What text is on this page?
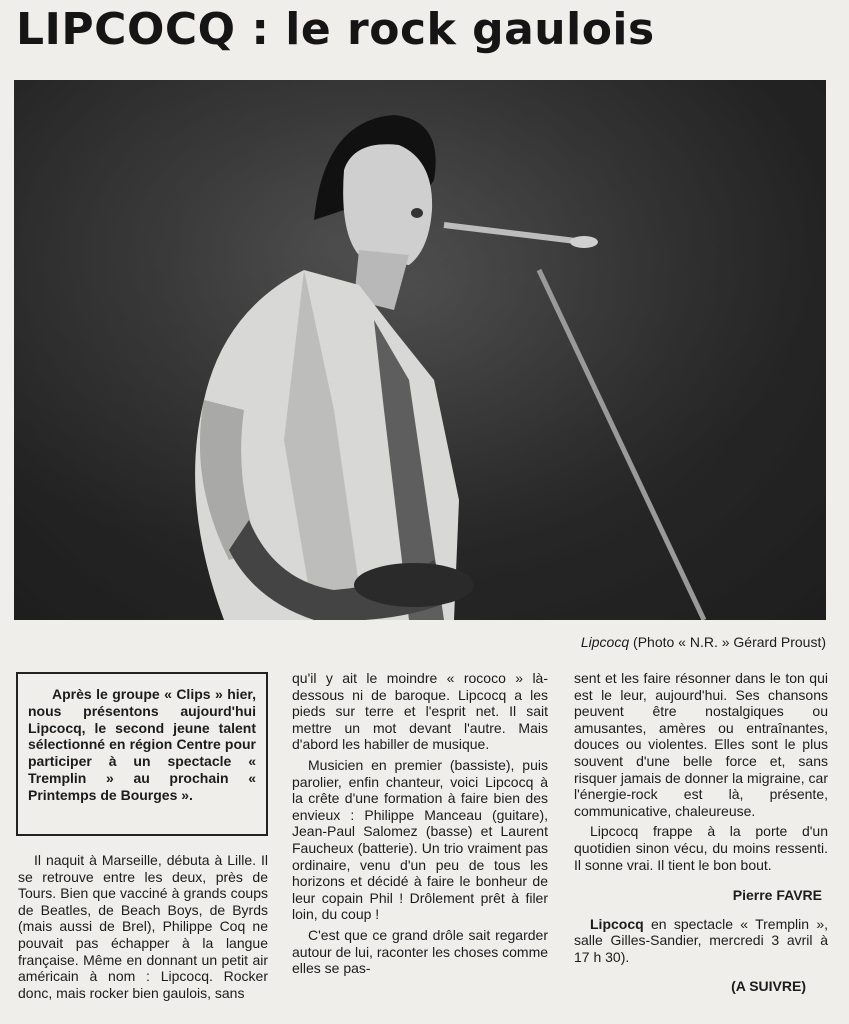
LIPCOCQ : le rock gaulois
Lipcocq (Photo « N.R. » Gérard Proust)

Après le groupe « Clips » hier, nous présentons aujourd'hui Lipcocq, le second jeune talent sélectionné en région Centre pour participer à un spectacle « Tremplin » au prochain « Printemps de Bourges ».

Il naquit à Marseille, débuta à Lille. Il se retrouve entre les deux, près de Tours. Bien que vacciné à grands coups de Beatles, de Beach Boys, de Byrds (mais aussi de Brel), Philippe Coq ne pouvait pas échapper à la langue française. Même en donnant un petit air américain à nom : Lipcocq. Rocker donc, mais rocker bien gaulois, sans

qu'il y ait le moindre « rococo » là-dessous ni de baroque. Lipcocq a les pieds sur terre et l'esprit net. Il sait mettre un mot devant l'autre. Mais d'abord les habiller de musique.

Musicien en premier (bassiste), puis parolier, enfin chanteur, voici Lipcocq à la crête d'une formation à faire bien des envieux : Philippe Manceau (guitare), Jean-Paul Salomez (basse) et Laurent Faucheux (batterie). Un trio vraiment pas ordinaire, venu d'un peu de tous les horizons et décidé à faire le bonheur de leur copain Phil ! Drôlement prêt à filer loin, du coup !

C'est que ce grand drôle sait regarder autour de lui, raconter les choses comme elles se pas-

sent et les faire résonner dans le ton qui est le leur, aujourd'hui. Ses chansons peuvent être nostalgiques ou amusantes, amères ou entraînantes, douces ou violentes. Elles sont le plus souvent d'une belle force et, sans risquer jamais de donner la migraine, car l'énergie-rock est là, présente, communicative, chaleureuse.

Lipcocq frappe à la porte d'un quotidien sinon vécu, du moins ressenti. Il sonne vrai. Il tient le bon bout.

Pierre FAVRE

Lipcocq en spectacle « Tremplin », salle Gilles-Sandier, mercredi 3 avril à 17 h 30).

(A SUIVRE)
